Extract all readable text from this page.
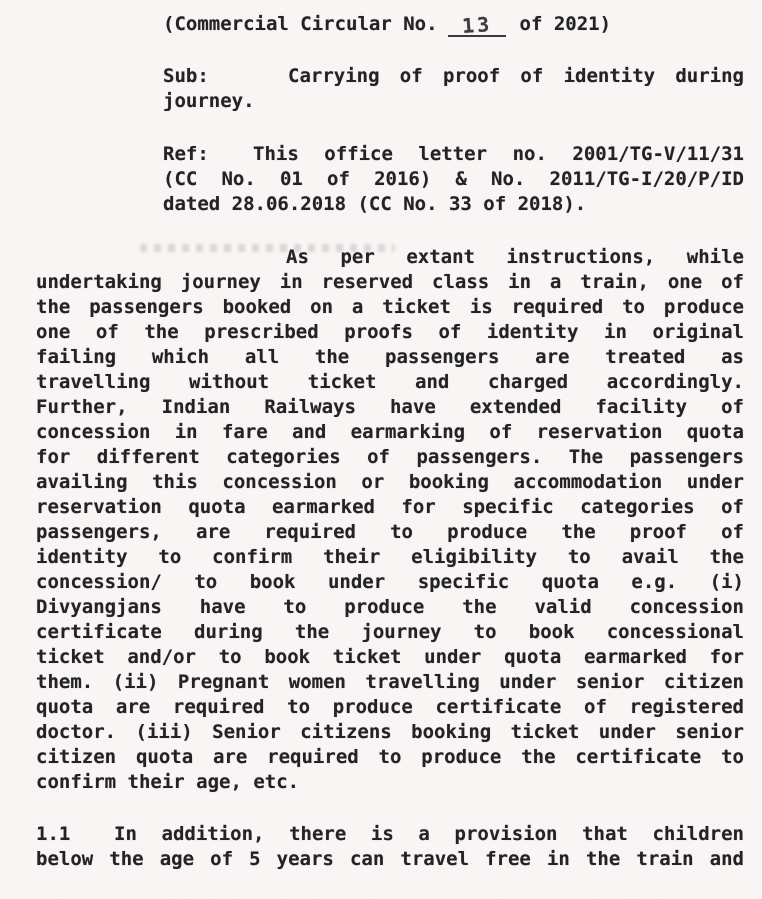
(Commercial Circular No. 13 of 2021)
Sub:	Carrying of proof of identity during
journey.
Ref:	This office letter no. 2001/TG-V/11/31
(CC No. 01 of 2016) & No. 2011/TG-I/20/P/ID
dated 28.06.2018 (CC No. 33 of 2018).
As per extant instructions, while
undertaking journey in reserved class in a train, one of
the passengers booked on a ticket is required to produce
one of the prescribed proofs of identity in original
failing which all the passengers are treated as
travelling without ticket and charged accordingly.
Further, Indian Railways have extended facility of
concession in fare and earmarking of reservation quota
for different categories of passengers. The passengers
availing this concession or booking accommodation under
reservation quota earmarked for specific categories of
passengers, are required to produce the proof of
identity to confirm their eligibility to avail the
concession/ to book under specific quota e.g. (i)
Divyangjans have to produce the valid concession
certificate during the journey to book concessional
ticket and/or to book ticket under quota earmarked for
them. (ii) Pregnant women travelling under senior citizen
quota are required to produce certificate of registered
doctor. (iii) Senior citizens booking ticket under senior
citizen quota are required to produce the certificate to
confirm their age, etc.
1.1	In addition, there is a provision that children
below the age of 5 years can travel free in the train and
